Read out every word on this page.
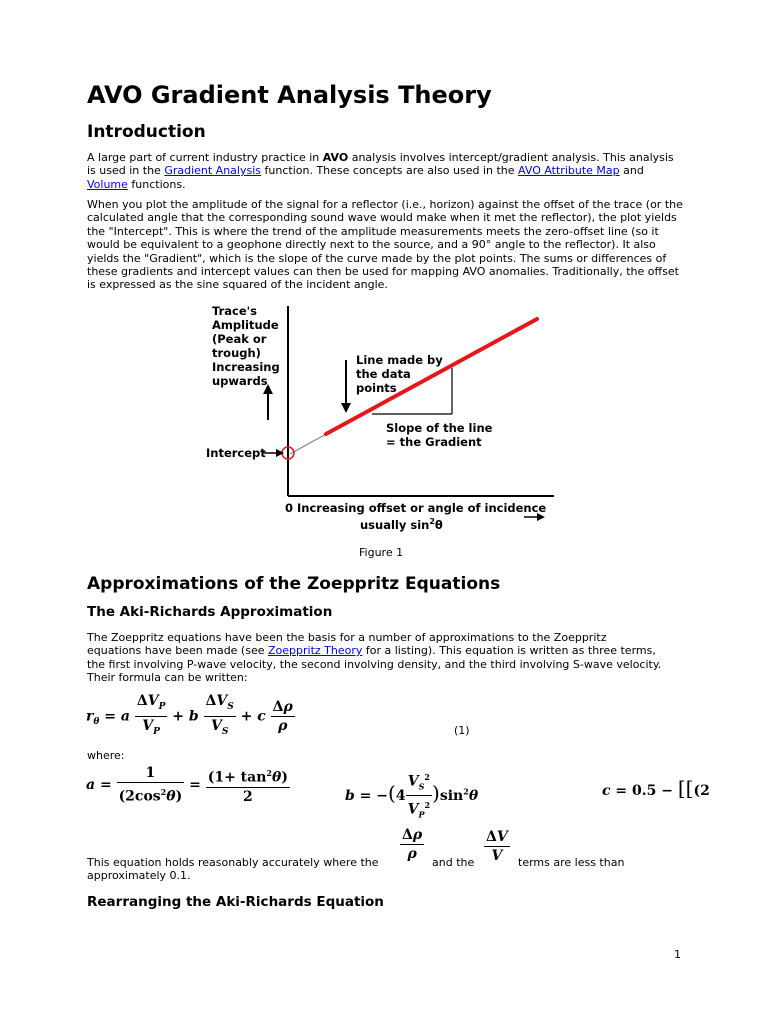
AVO Gradient Analysis Theory
Introduction
A large part of current industry practice in AVO analysis involves intercept/gradient analysis. This analysis is used in the Gradient Analysis function. These concepts are also used in the AVO Attribute Map and Volume functions.
When you plot the amplitude of the signal for a reflector (i.e., horizon) against the offset of the trace (or the calculated angle that the corresponding sound wave would make when it met the reflector), the plot yields the "Intercept". This is where the trend of the amplitude measurements meets the zero-offset line (so it would be equivalent to a geophone directly next to the source, and a 90° angle to the reflector). It also yields the "Gradient", which is the slope of the curve made by the plot points. The sums or differences of these gradients and intercept values can then be used for mapping AVO anomalies. Traditionally, the offset is expressed as the sine squared of the incident angle.
Trace's
Amplitude
(Peak or
trough)
Increasing
upwards
Line made by
the data
points
Slope of the line
= the Gradient
Intercept
0 Increasing offset or angle of incidence
usually $\sin^2\theta$
Figure 1
Approximations of the Zoeppritz Equations
The Aki-Richards Approximation
The Zoeppritz equations have been the basis for a number of approximations to the Zoeppritz equations have been made (see Zoeppritz Theory for a listing). This equation is written as three terms, the first involving P-wave velocity, the second involving density, and the third involving S-wave velocity. Their formula can be written:
$r_\theta = a \frac{\Delta V_P}{V_P} + b \frac{\Delta V_S}{V_S} + c \frac{\Delta\rho}{\rho}$	(1)
where:
$a = \frac{1}{(2\cos^2\theta)} = \frac{(1+ \tan^2\theta)}{2}$	$b = -(4 \frac{V_S^2}{V_P^2} )\sin^2\theta$	c = 0.5 − [[(2
$\frac{\Delta\rho}{\rho}$	$\frac{\Delta V}{V}$
This equation holds reasonably accurately where the	and the	terms are less than
approximately 0.1.
Rearranging the Aki-Richards Equation
1
